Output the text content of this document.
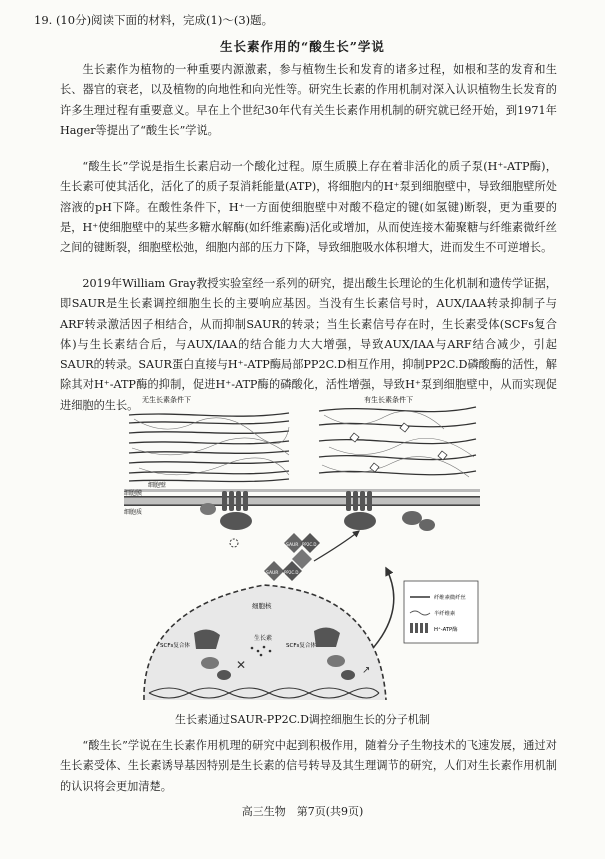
19. (10分)阅读下面的材料，完成(1)～(3)题。
生长素作用的“酸生长”学说

生长素作为植物的一种重要内源激素，参与植物生长和发育的诸多过程，如根和茎的发育和生长、器官的衰老，以及植物的向地性和向光性等。研究生长素的作用机制对深入认识植物生长发育的许多生理过程有重要意义。早在上个世纪30年代有关生长素作用机制的研究就已经开始，到1971年Hager等提出了“酸生长”学说。

“酸生长”学说是指生长素启动一个酸化过程。原生质膜上存在着非活化的质子泵(H⁺-ATP酶)，生长素可使其活化，活化了的质子泵消耗能量(ATP)，将细胞内的H⁺泵到细胞壁中，导致细胞壁所处溶液的pH下降。在酸性条件下，H⁺一方面使细胞壁中对酸不稳定的键(如氢键)断裂，更为重要的是，H⁺使细胞壁中的某些多糖水解酶(如纤维素酶)活化或增加，从而使连接木葡聚糖与纤维素微纤丝之间的键断裂，细胞壁松弛，细胞内部的压力下降，导致细胞吸水体积增大，进而发生不可逆增长。

2019年William Gray教授实验室经一系列的研究，提出酸生长理论的生化机制和遗传学证据，即SAUR是生长素调控细胞生长的主要响应基因。当没有生长素信号时，AUX/IAA转录抑制子与ARF转录激活因子相结合，从而抑制SAUR的转录；当生长素信号存在时，生长素受体(SCFs复合体)与生长素结合后，与AUX/IAA的结合能力大大增强，导致AUX/IAA与ARF结合减少，引起SAUR的转录。SAUR蛋白直接与H⁺-ATP酶局部PP2C.D相互作用，抑制PP2C.D磷酸酶的活性，解除其对H⁺-ATP酶的抑制，促进H⁺-ATP酶的磷酸化，活性增强，导致H⁺泵到细胞壁中，从而实现促进细胞的生长。 无生长素条件下	有生长素条件下
细胞壁
细胞膜
细胞质
SAUR PP2C.D
SAUR PP2C.D
细胞核
生长素
SCFs复合体	SCFs复合体
✕	↗
纤维素微纤丝
半纤维素
H⁺-ATP酶
生长素通过SAUR-PP2C.D调控细胞生长的分子机制

“酸生长”学说在生长素作用机理的研究中起到积极作用，随着分子生物技术的飞速发展，通过对生长素受体、生长素诱导基因特别是生长素的信号转导及其生理调节的研究，人们对生长素作用机制的认识将会更加清楚。

高三生物　第7页(共9页)
